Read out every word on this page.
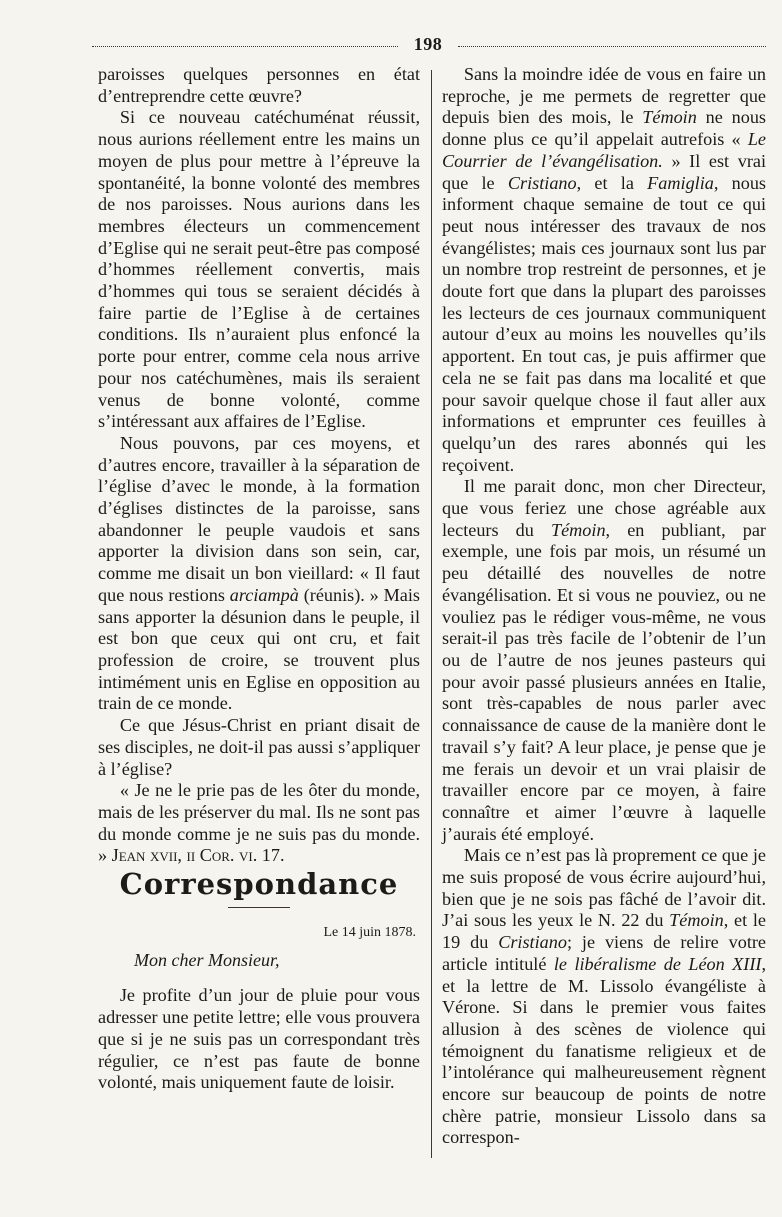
198

paroisses quelques personnes en état d’entreprendre cette œuvre?

Si ce nouveau catéchuménat réussit, nous aurions réellement entre les mains un moyen de plus pour mettre à l’épreuve la spontanéité, la bonne volonté des membres de nos paroisses. Nous aurions dans les membres électeurs un commencement d’Eglise qui ne serait peut-être pas composé d’hommes réellement convertis, mais d’hommes qui tous se seraient décidés à faire partie de l’Eglise à de certaines conditions. Ils n’auraient plus enfoncé la porte pour entrer, comme cela nous arrive pour nos catéchumènes, mais ils seraient venus de bonne volonté, comme s’intéressant aux affaires de l’Eglise.

Nous pouvons, par ces moyens, et d’autres encore, travailler à la séparation de l’église d’avec le monde, à la formation d’églises distinctes de la paroisse, sans abandonner le peuple vaudois et sans apporter la division dans son sein, car, comme me disait un bon vieillard: « Il faut que nous restions arciampà (réunis). » Mais sans apporter la désunion dans le peuple, il est bon que ceux qui ont cru, et fait profession de croire, se trouvent plus intimément unis en Eglise en opposition au train de ce monde.

Ce que Jésus-Christ en priant disait de ses disciples, ne doit-il pas aussi s’appliquer à l’église?

« Je ne le prie pas de les ôter du monde, mais de les préserver du mal. Ils ne sont pas du monde comme je ne suis pas du monde. » Jean xvii, ii Cor. vi. 17.

Correspondance

Le 14 juin 1878.

Mon cher Monsieur,

Je profite d’un jour de pluie pour vous adresser une petite lettre; elle vous prouvera que si je ne suis pas un correspondant très régulier, ce n’est pas faute de bonne volonté, mais uniquement faute de loisir.

Sans la moindre idée de vous en faire un reproche, je me permets de regretter que depuis bien des mois, le Témoin ne nous donne plus ce qu’il appelait autrefois « Le Courrier de l’évangélisation. » Il est vrai que le Cristiano, et la Famiglia, nous informent chaque semaine de tout ce qui peut nous intéresser des travaux de nos évangélistes; mais ces journaux sont lus par un nombre trop restreint de personnes, et je doute fort que dans la plupart des paroisses les lecteurs de ces journaux communiquent autour d’eux au moins les nouvelles qu’ils apportent. En tout cas, je puis affirmer que cela ne se fait pas dans ma localité et que pour savoir quelque chose il faut aller aux informations et emprunter ces feuilles à quelqu’un des rares abonnés qui les reçoivent.

Il me parait donc, mon cher Directeur, que vous feriez une chose agréable aux lecteurs du Témoin, en publiant, par exemple, une fois par mois, un résumé un peu détaillé des nouvelles de notre évangélisation. Et si vous ne pouviez, ou ne vouliez pas le rédiger vous-même, ne vous serait-il pas très facile de l’obtenir de l’un ou de l’autre de nos jeunes pasteurs qui pour avoir passé plusieurs années en Italie, sont très-capables de nous parler avec connaissance de cause de la manière dont le travail s’y fait? A leur place, je pense que je me ferais un devoir et un vrai plaisir de travailler encore par ce moyen, à faire connaître et aimer l’œuvre à laquelle j’aurais été employé.

Mais ce n’est pas là proprement ce que je me suis proposé de vous écrire aujourd’hui, bien que je ne sois pas fâché de l’avoir dit. J’ai sous les yeux le N. 22 du Témoin, et le 19 du Cristiano; je viens de relire votre article intitulé le libéralisme de Léon XIII, et la lettre de M. Lissolo évangéliste à Vérone. Si dans le premier vous faites allusion à des scènes de violence qui témoignent du fanatisme religieux et de l’intolérance qui malheureusement règnent encore sur beaucoup de points de notre chère patrie, monsieur Lissolo dans sa correspon-
